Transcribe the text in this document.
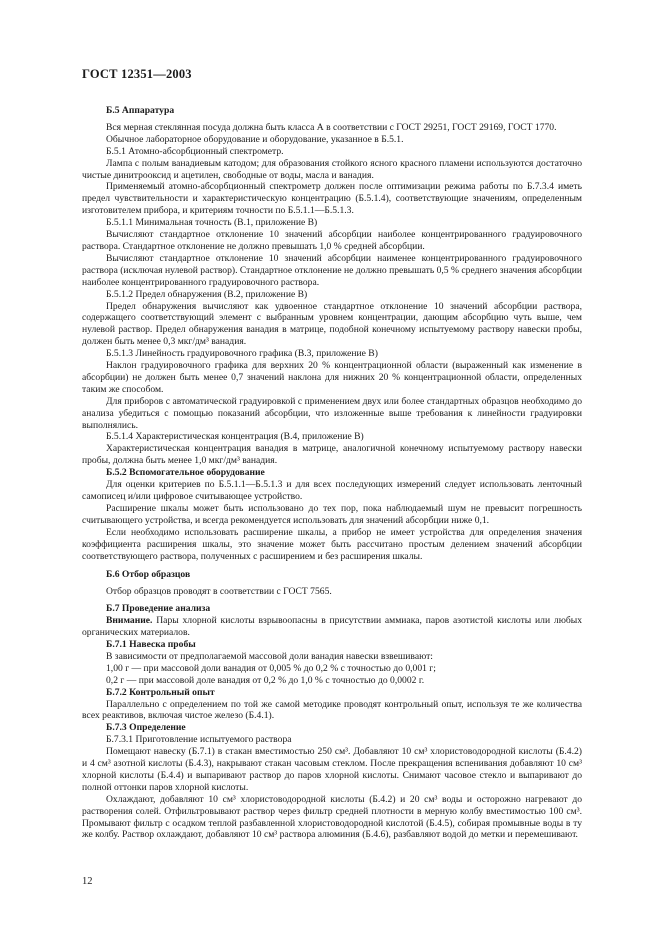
ГОСТ 12351—2003

Б.5 Аппаратура

Вся мерная стеклянная посуда должна быть класса А в соответствии с ГОСТ 29251, ГОСТ 29169, ГОСТ 1770.

Обычное лабораторное оборудование и оборудование, указанное в Б.5.1.

Б.5.1 Атомно-абсорбционный спектрометр.

Лампа с полым ванадиевым катодом; для образования стойкого ясного красного пламени используются достаточно чистые динитрооксид и ацетилен, свободные от воды, масла и ванадия.

Применяемый атомно-абсорбционный спектрометр должен после оптимизации режима работы по Б.7.3.4 иметь предел чувствительности и характеристическую концентрацию (Б.5.1.4), соответствующие значениям, определенным изготовителем прибора, и критериям точности по Б.5.1.1—Б.5.1.3.

Б.5.1.1 Минимальная точность (В.1, приложение В)

Вычисляют стандартное отклонение 10 значений абсорбции наиболее концентрированного градуировочного раствора. Стандартное отклонение не должно превышать 1,0 % средней абсорбции.

Вычисляют стандартное отклонение 10 значений абсорбции наименее концентрированного градуировочного раствора (исключая нулевой раствор). Стандартное отклонение не должно превышать 0,5 % среднего значения абсорбции наиболее концентрированного градуировочного раствора.

Б.5.1.2 Предел обнаружения (В.2, приложение В)

Предел обнаружения вычисляют как удвоенное стандартное отклонение 10 значений абсорбции раствора, содержащего соответствующий элемент с выбранным уровнем концентрации, дающим абсорбцию чуть выше, чем нулевой раствор. Предел обнаружения ванадия в матрице, подобной конечному испытуемому раствору навески пробы, должен быть менее 0,3 мкг/дм³ ванадия.

Б.5.1.3 Линейность градуировочного графика (В.3, приложение В)

Наклон градуировочного графика для верхних 20 % концентрационной области (выраженный как изменение в абсорбции) не должен быть менее 0,7 значений наклона для нижних 20 % концентрационной области, определенных таким же способом.

Для приборов с автоматической градуировкой с применением двух или более стандартных образцов необходимо до анализа убедиться с помощью показаний абсорбции, что изложенные выше требования к линейности градуировки выполнялись.

Б.5.1.4 Характеристическая концентрация (В.4, приложение В)

Характеристическая концентрация ванадия в матрице, аналогичной конечному испытуемому раствору навески пробы, должна быть менее 1,0 мкг/дм³ ванадия.

Б.5.2 Вспомогательное оборудование

Для оценки критериев по Б.5.1.1—Б.5.1.3 и для всех последующих измерений следует использовать ленточный самописец и/или цифровое считывающее устройство.

Расширение шкалы может быть использовано до тех пор, пока наблюдаемый шум не превысит погрешность считывающего устройства, и всегда рекомендуется использовать для значений абсорбции ниже 0,1.

Если необходимо использовать расширение шкалы, а прибор не имеет устройства для определения значения коэффициента расширения шкалы, это значение может быть рассчитано простым делением значений абсорбции соответствующего раствора, полученных с расширением и без расширения шкалы.

Б.6 Отбор образцов

Отбор образцов проводят в соответствии с ГОСТ 7565.

Б.7 Проведение анализа

Внимание. Пары хлорной кислоты взрывоопасны в присутствии аммиака, паров азотистой кислоты или любых органических материалов.

Б.7.1 Навеска пробы

В зависимости от предполагаемой массовой доли ванадия навески взвешивают:

1,00 г — при массовой доли ванадия от 0,005 % до 0,2 % с точностью до 0,001 г;

0,2 г — при массовой доле ванадия от 0,2 % до 1,0 % с точностью до 0,0002 г.

Б.7.2 Контрольный опыт

Параллельно с определением по той же самой методике проводят контрольный опыт, используя те же количества всех реактивов, включая чистое железо (Б.4.1).

Б.7.3 Определение

Б.7.3.1 Приготовление испытуемого раствора

Помещают навеску (Б.7.1) в стакан вместимостью 250 см³. Добавляют 10 см³ хлористоводородной кислоты (Б.4.2) и 4 см³ азотной кислоты (Б.4.3), накрывают стакан часовым стеклом. После прекращения вспенивания добавляют 10 см³ хлорной кислоты (Б.4.4) и выпаривают раствор до паров хлорной кислоты. Снимают часовое стекло и выпаривают до полной оттонки паров хлорной кислоты.

Охлаждают, добавляют 10 см³ хлористоводородной кислоты (Б.4.2) и 20 см³ воды и осторожно нагревают до растворения солей. Отфильтровывают раствор через фильтр средней плотности в мерную колбу вместимостью 100 см³. Промывают фильтр с осадком теплой разбавленной хлористоводородной кислотой (Б.4.5), собирая промывные воды в ту же колбу. Раствор охлаждают, добавляют 10 см³ раствора алюминия (Б.4.6), разбавляют водой до метки и перемешивают.

12
